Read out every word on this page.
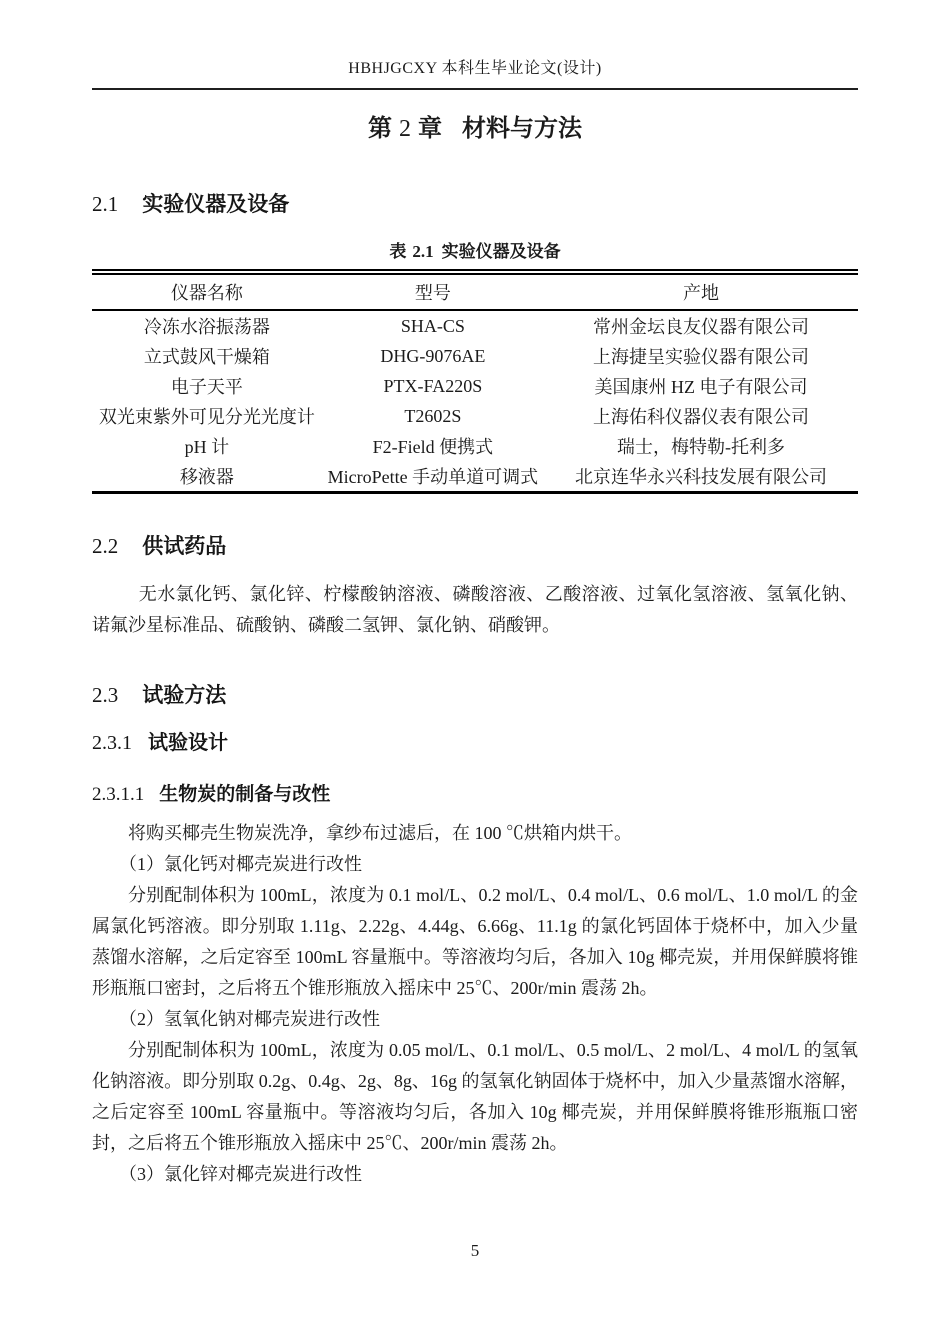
HBHJGCXY 本科生毕业论文(设计)
第 2 章 材料与方法
2.1 实验仪器及设备
表 2.1 实验仪器及设备
仪器名称	型号	产地
冷冻水浴振荡器	SHA-CS	常州金坛良友仪器有限公司
立式鼓风干燥箱	DHG-9076AE	上海捷呈实验仪器有限公司
电子天平	PTX-FA220S	美国康州 HZ 电子有限公司
双光束紫外可见分光光度计	T2602S	上海佑科仪器仪表有限公司
pH 计	F2-Field 便携式	瑞士，梅特勒-托利多
移液器	MicroPette 手动单道可调式	北京连华永兴科技发展有限公司
2.2 供试药品

无水氯化钙、氯化锌、柠檬酸钠溶液、磷酸溶液、乙酸溶液、过氧化氢溶液、氢氧化钠、诺氟沙星标准品、硫酸钠、磷酸二氢钾、氯化钠、硝酸钾。

2.3 试验方法
2.3.1 试验设计
2.3.1.1 生物炭的制备与改性

将购买椰壳生物炭洗净，拿纱布过滤后，在 100 ℃烘箱内烘干。

（1）氯化钙对椰壳炭进行改性

分别配制体积为 100mL，浓度为 0.1 mol/L、0.2 mol/L、0.4 mol/L、0.6 mol/L、1.0 mol/L 的金属氯化钙溶液。即分别取 1.11g、2.22g、4.44g、6.66g、11.1g 的氯化钙固体于烧杯中，加入少量蒸馏水溶解，之后定容至 100mL 容量瓶中。等溶液均匀后，各加入 10g 椰壳炭，并用保鲜膜将锥形瓶瓶口密封，之后将五个锥形瓶放入摇床中 25℃、200r/min 震荡 2h。

（2）氢氧化钠对椰壳炭进行改性

分别配制体积为 100mL，浓度为 0.05 mol/L、0.1 mol/L、0.5 mol/L、2 mol/L、4 mol/L 的氢氧化钠溶液。即分别取 0.2g、0.4g、2g、8g、16g 的氢氧化钠固体于烧杯中，加入少量蒸馏水溶解，之后定容至 100mL 容量瓶中。等溶液均匀后，各加入 10g 椰壳炭，并用保鲜膜将锥形瓶瓶口密封，之后将五个锥形瓶放入摇床中 25℃、200r/min 震荡 2h。

（3）氯化锌对椰壳炭进行改性

5
